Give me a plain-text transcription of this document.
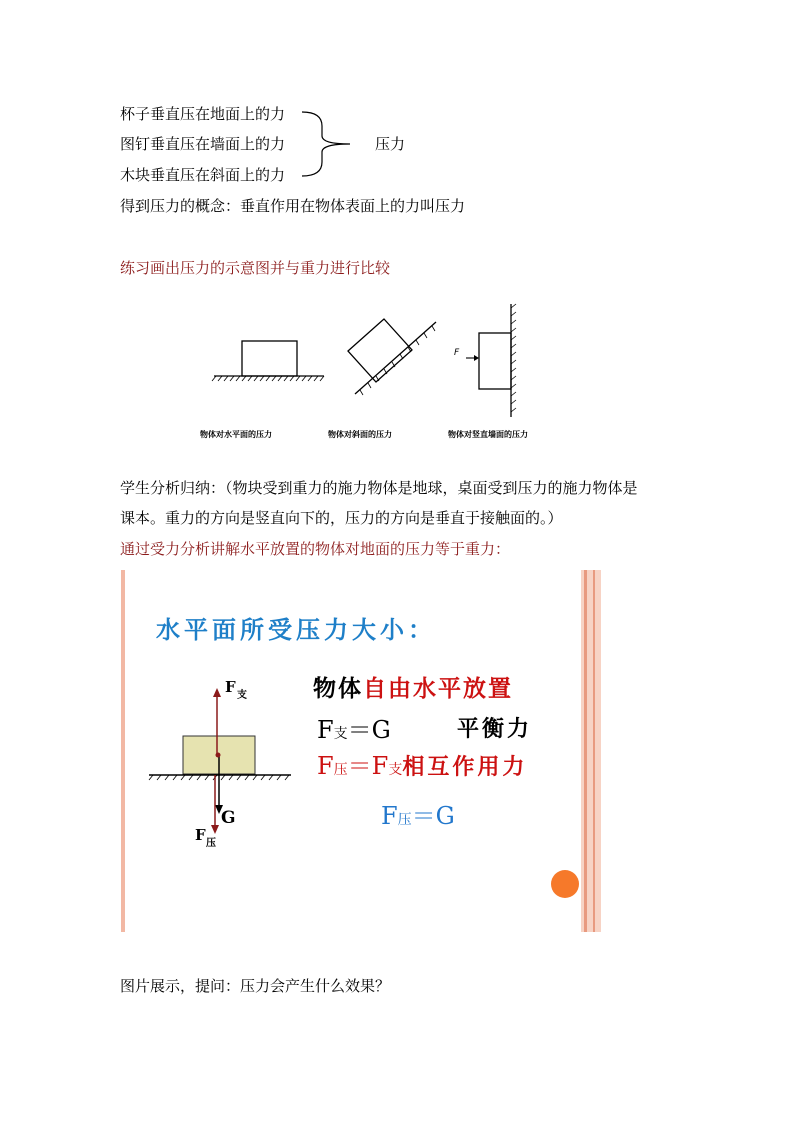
杯子垂直压在地面上的力
图钉垂直压在墙面上的力
木块垂直压在斜面上的力
压力
得到压力的概念：垂直作用在物体表面上的力叫压力
练习画出压力的示意图并与重力进行比较
F
物体对水平面的压力	物体对斜面的压力	物体对竖直墙面的压力
学生分析归纳：（物块受到重力的施力物体是地球，桌面受到压力的施力物体是
课本。重力的方向是竖直向下的，压力的方向是垂直于接触面的。）
通过受力分析讲解水平放置的物体对地面的压力等于重力：
水平面所受压力大小：
物体自由水平放置
F支＝G	平衡力
F压＝F支相互作用力
F压＝G
F 支
G
F 压
图片展示，提问：压力会产生什么效果？
